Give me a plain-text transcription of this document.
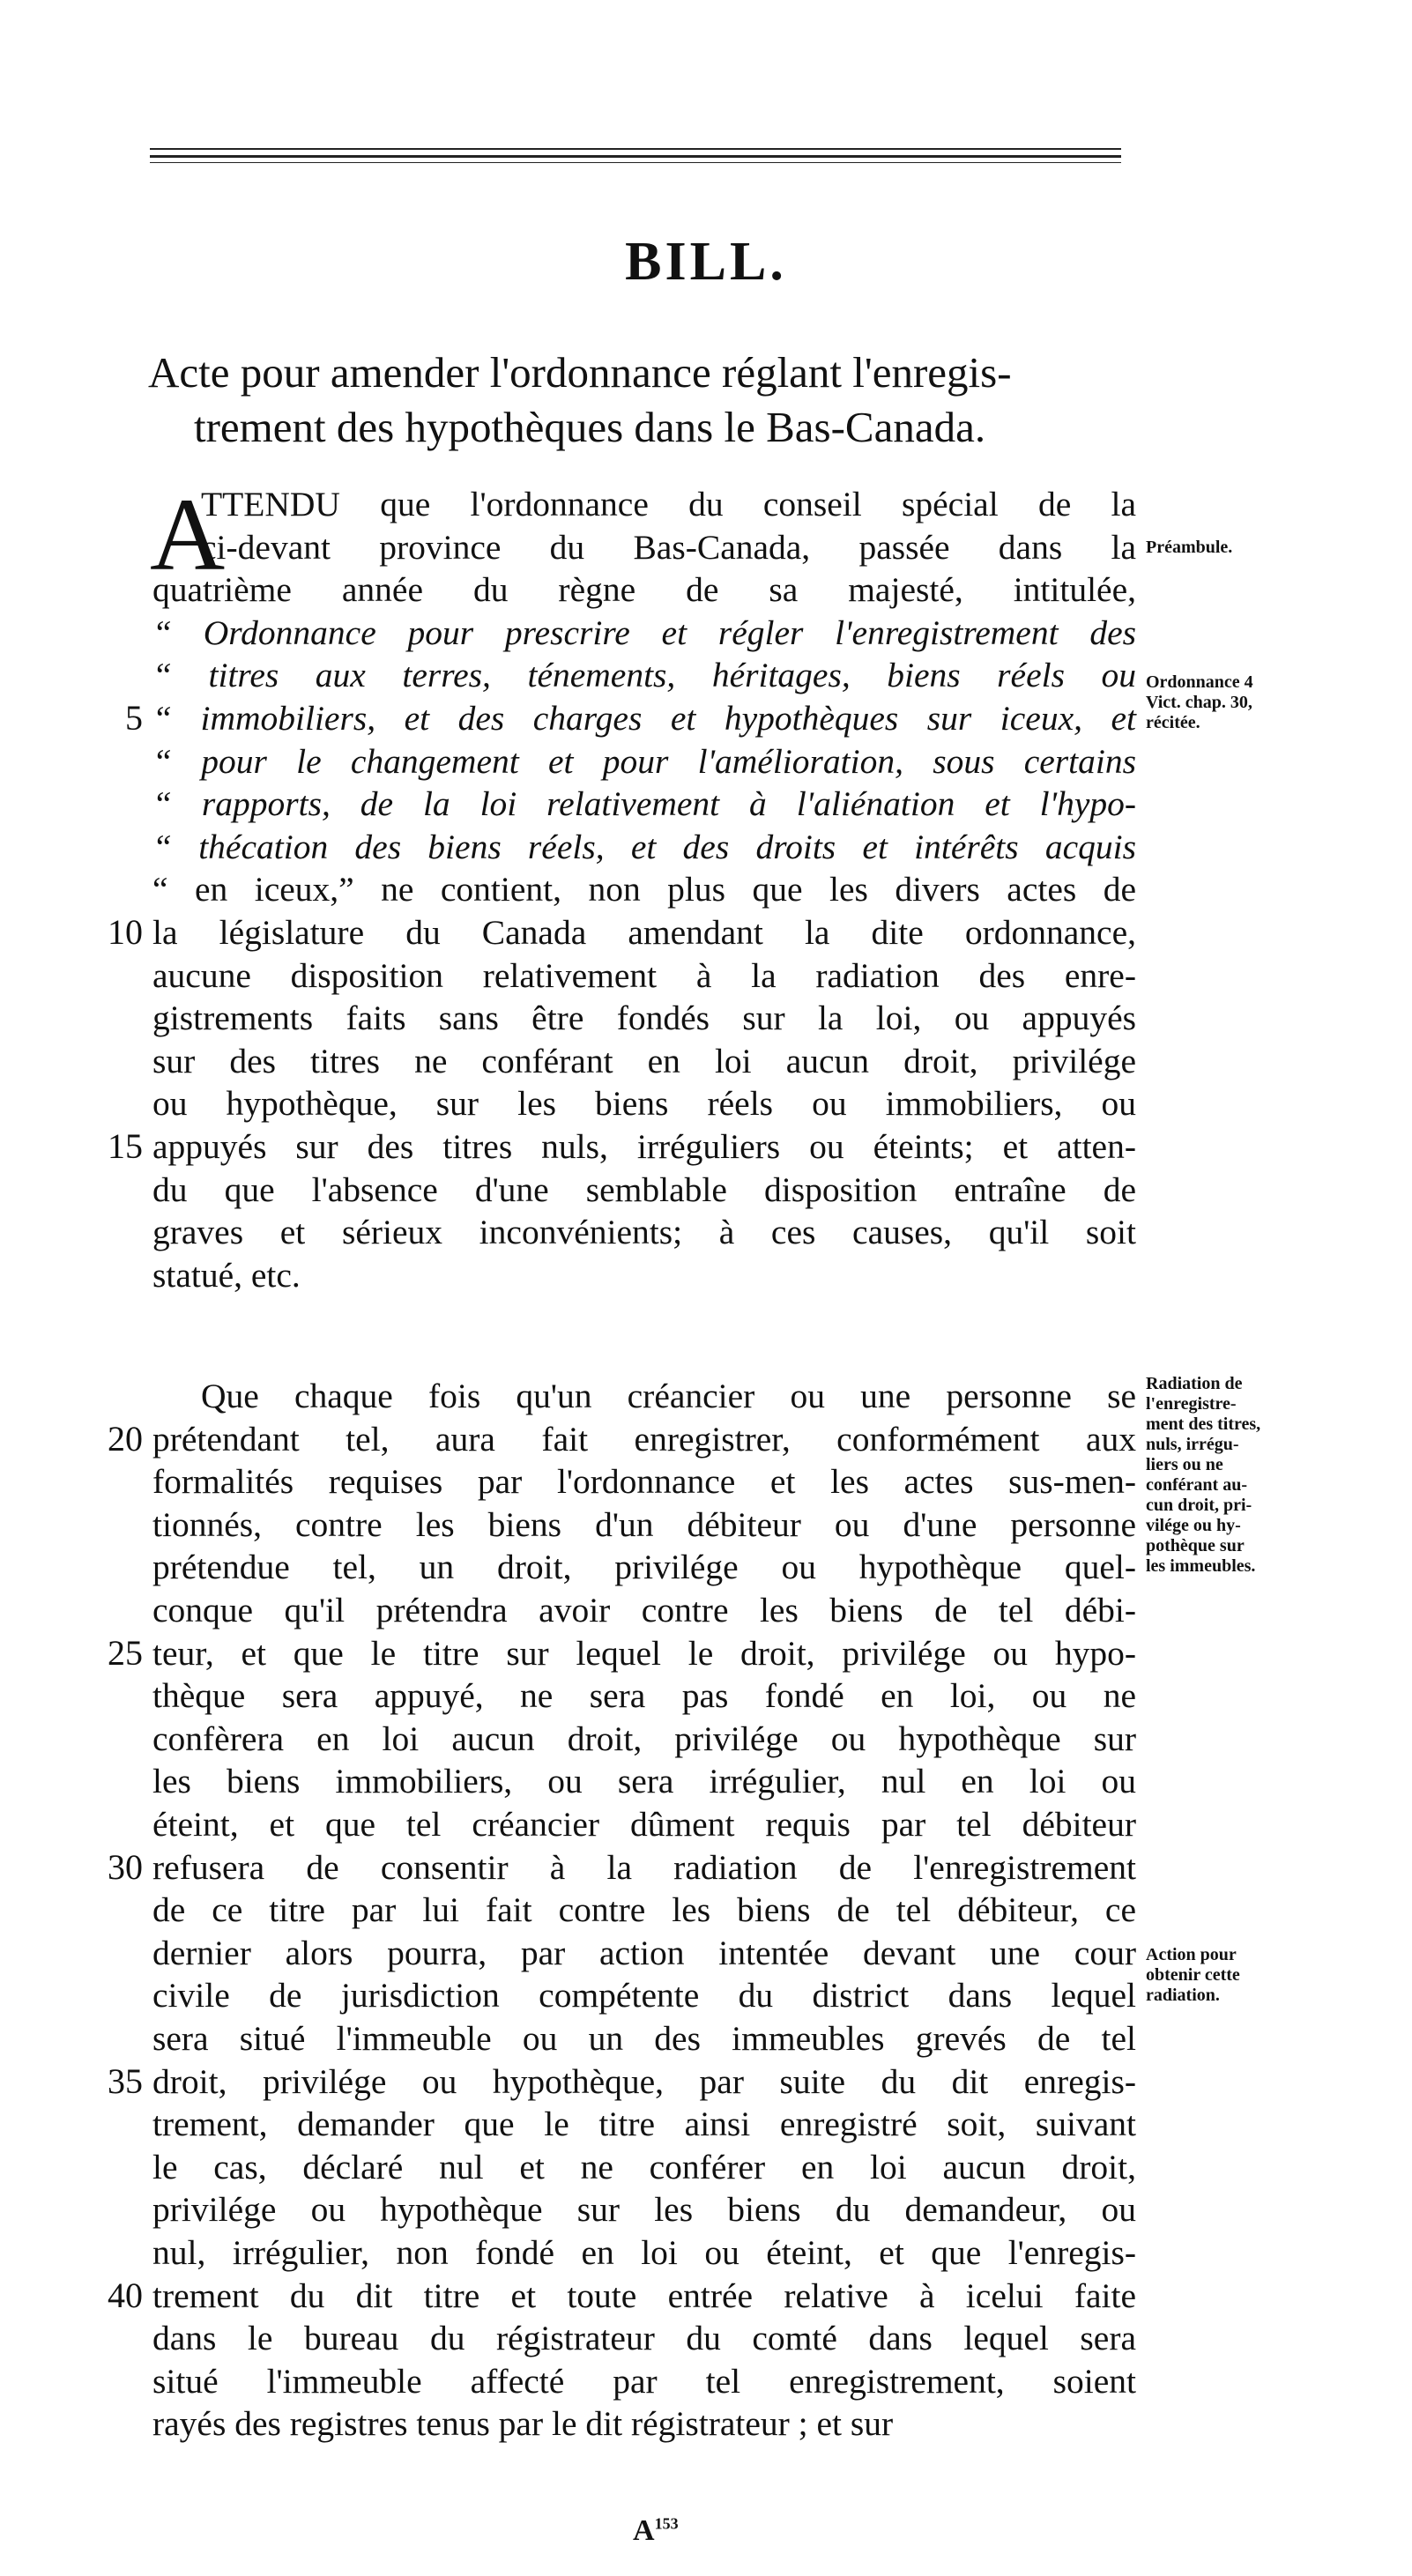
BILL.
Acte pour amender l'ordonnance réglant l'enregis-
trement des hypothèques dans le Bas-Canada.
A
TTENDU que l'ordonnance du conseil spécial de la
ci-devant province du Bas-Canada, passée dans la
quatrième année du règne de sa majesté, intitulée,
“ Ordonnance pour prescrire et régler l'enregistrement des
“ titres aux terres, ténements, héritages, biens réels ou
“ immobiliers, et des charges et hypothèques sur iceux, et
“ pour le changement et pour l'amélioration, sous certains
“ rapports, de la loi relativement à l'aliénation et l'hypo-
“ thécation des biens réels, et des droits et intérêts acquis
“ en iceux,” ne contient, non plus que les divers actes de
la législature du Canada amendant la dite ordonnance,
aucune disposition relativement à la radiation des enre-
gistrements faits sans être fondés sur la loi, ou appuyés
sur des titres ne conférant en loi aucun droit, privilége
ou hypothèque, sur les biens réels ou immobiliers, ou
appuyés sur des titres nuls, irréguliers ou éteints; et atten-
du que l'absence d'une semblable disposition entraîne de
graves et sérieux inconvénients; à ces causes, qu'il soit
statué, etc.
Que chaque fois qu'un créancier ou une personne se
prétendant tel, aura fait enregistrer, conformément aux
formalités requises par l'ordonnance et les actes sus-men-
tionnés, contre les biens d'un débiteur ou d'une personne
prétendue tel, un droit, privilége ou hypothèque quel-
conque qu'il prétendra avoir contre les biens de tel débi-
teur, et que le titre sur lequel le droit, privilége ou hypo-
thèque sera appuyé, ne sera pas fondé en loi, ou ne
confèrera en loi aucun droit, privilége ou hypothèque sur
les biens immobiliers, ou sera irrégulier, nul en loi ou
éteint, et que tel créancier dûment requis par tel débiteur
refusera de consentir à la radiation de l'enregistrement
de ce titre par lui fait contre les biens de tel débiteur, ce
dernier alors pourra, par action intentée devant une cour
civile de jurisdiction compétente du district dans lequel
sera situé l'immeuble ou un des immeubles grevés de tel
droit, privilége ou hypothèque, par suite du dit enregis-
trement, demander que le titre ainsi enregistré soit, suivant
le cas, déclaré nul et ne conférer en loi aucun droit,
privilége ou hypothèque sur les biens du demandeur, ou
nul, irrégulier, non fondé en loi ou éteint, et que l'enregis-
trement du dit titre et toute entrée relative à icelui faite
dans le bureau du régistrateur du comté dans lequel sera
situé l'immeuble affecté par tel enregistrement, soient
rayés des registres tenus par le dit régistrateur ; et sur
5
10
15
20
25
30
35
40
Préambule.
Ordonnance 4
Vict. chap. 30,
récitée.
Radiation de
l'enregistre-
ment des titres,
nuls, irrégu-
liers ou ne
conférant au-
cun droit, pri-
vilége ou hy-
pothèque sur
les immeubles.
Action pour
obtenir cette
radiation.
$A^{153}$
